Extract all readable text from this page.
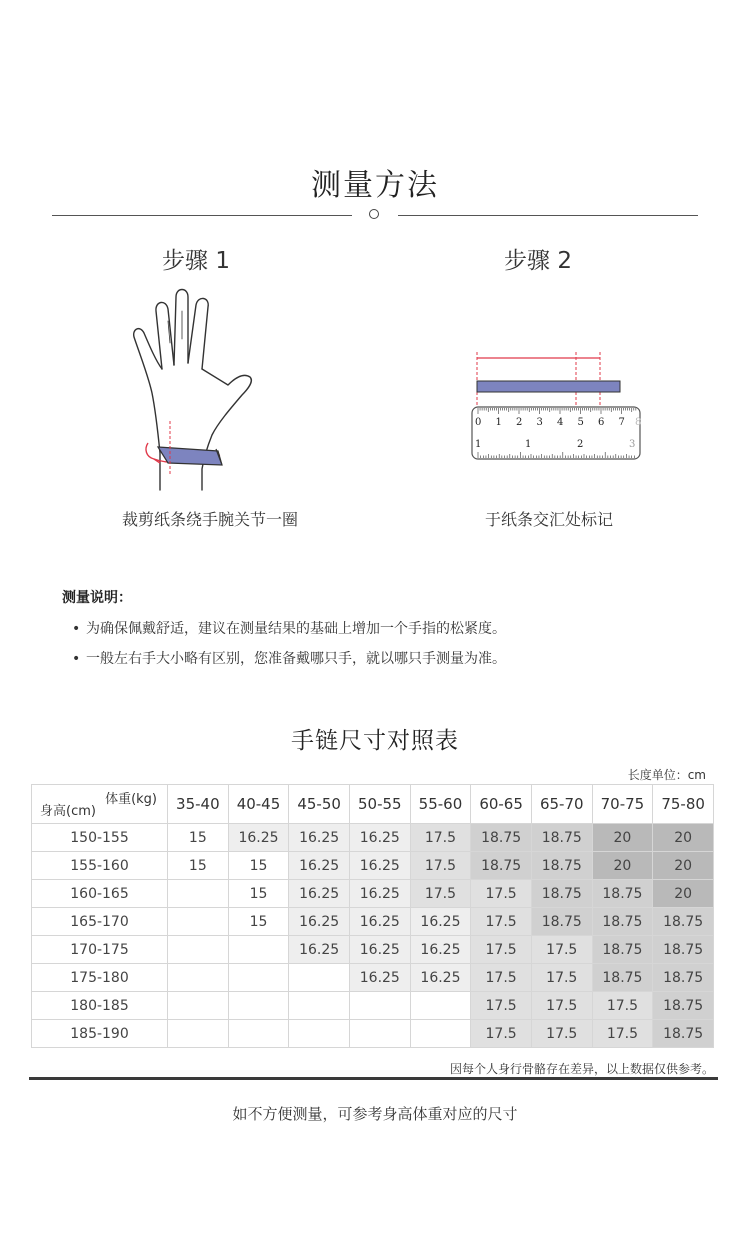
测量方法
步骤 1	步骤 2
0 1 2 3 4 5 6 7 8
1	1	2	3
裁剪纸条绕手腕关节一圈	于纸条交汇处标记
测量说明：
• 为确保佩戴舒适，建议在测量结果的基础上增加一个手指的松紧度。
• 一般左右手大小略有区别，您准备戴哪只手，就以哪只手测量为准。
手链尺寸对照表
长度单位：cm
体重(kg)
身高(cm)	35-40	40-45	45-50	50-55	55-60	60-65	65-70	70-75	75-80
150-155	15	16.25	16.25	16.25	17.5	18.75	18.75	20	20
155-160	15	15	16.25	16.25	17.5	18.75	18.75	20	20
160-165		15	16.25	16.25	17.5	17.5	18.75	18.75	20
165-170		15	16.25	16.25	16.25	17.5	18.75	18.75	18.75
170-175			16.25	16.25	16.25	17.5	17.5	18.75	18.75
175-180				16.25	16.25	17.5	17.5	18.75	18.75
180-185						17.5	17.5	17.5	18.75
185-190						17.5	17.5	17.5	18.75
因每个人身行骨骼存在差异，以上数据仅供参考。
如不方便测量，可参考身高体重对应的尺寸
